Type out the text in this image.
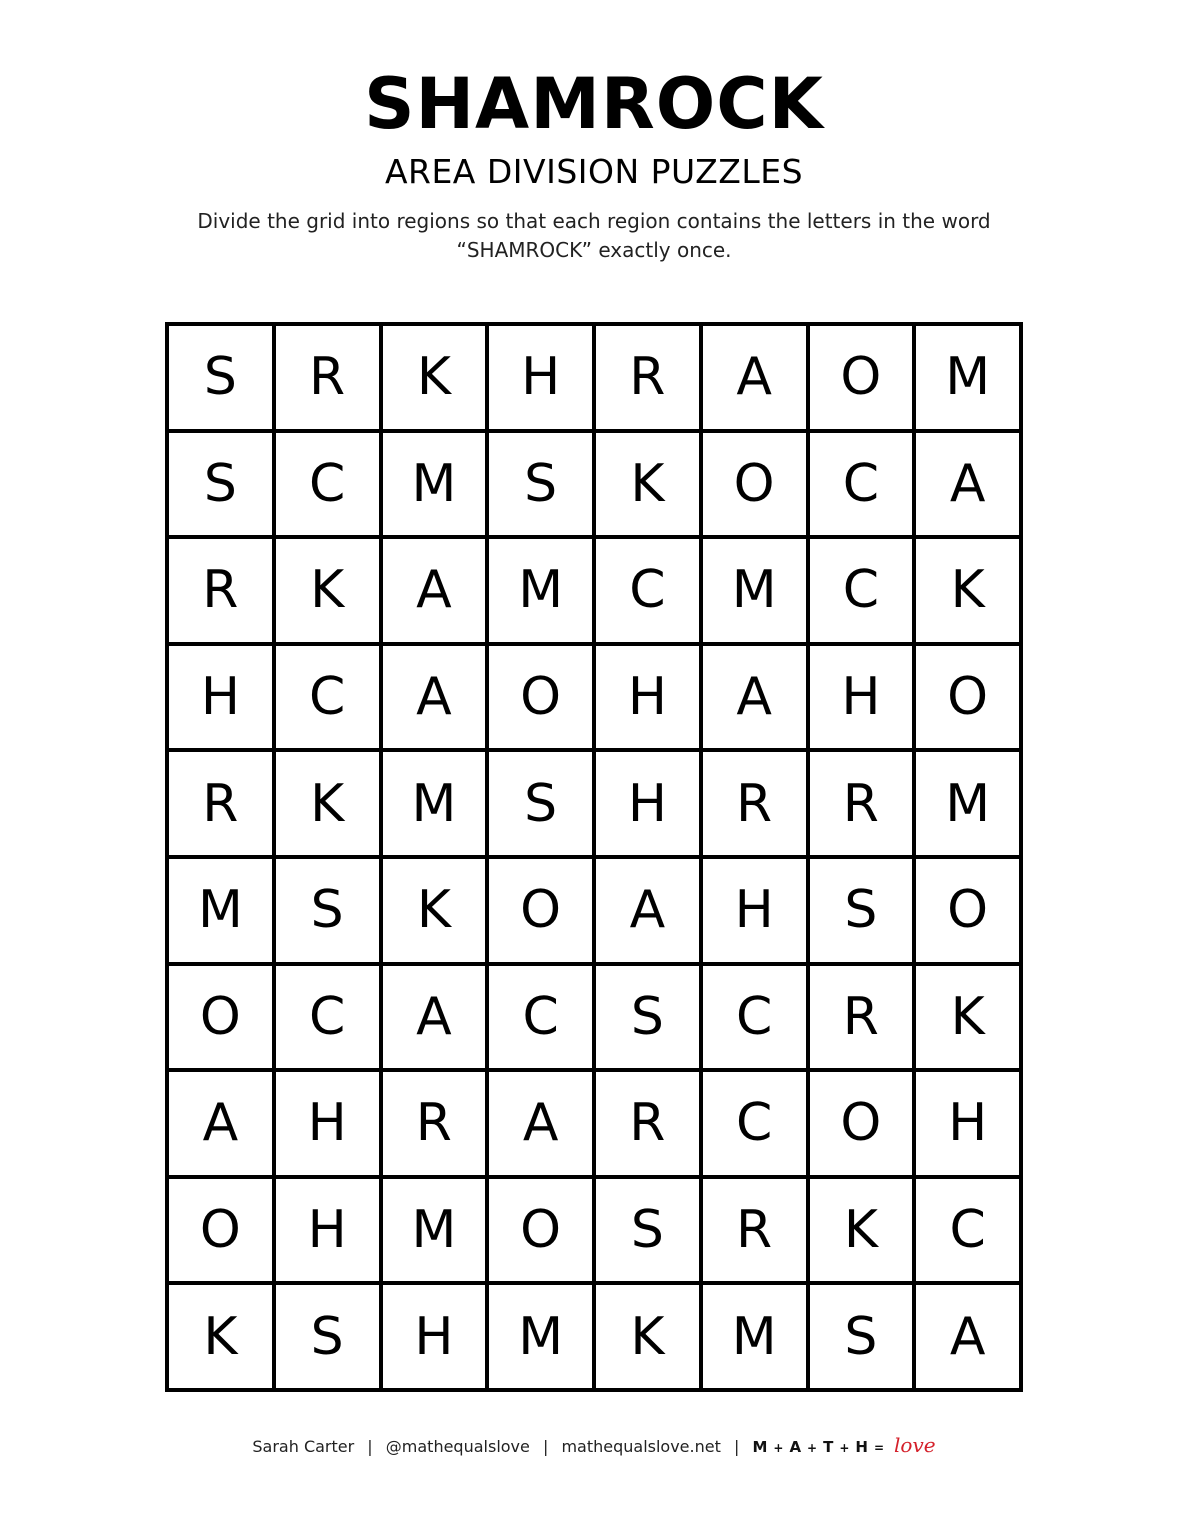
SHAMROCK
AREA DIVISION PUZZLES
Divide the grid into regions so that each region contains the letters in the word “SHAMROCK” exactly once.
S	R	K	H	R	A	O	M
S	C	M	S	K	O	C	A
R	K	A	M	C	M	C	K
H	C	A	O	H	A	H	O
R	K	M	S	H	R	R	M
M	S	K	O	A	H	S	O
O	C	A	C	S	C	R	K
A	H	R	A	R	C	O	H
O	H	M	O	S	R	K	C
K	S	H	M	K	M	S	A
Sarah Carter | @mathequalslove | mathequalslove.net | M + A + T + H = love
